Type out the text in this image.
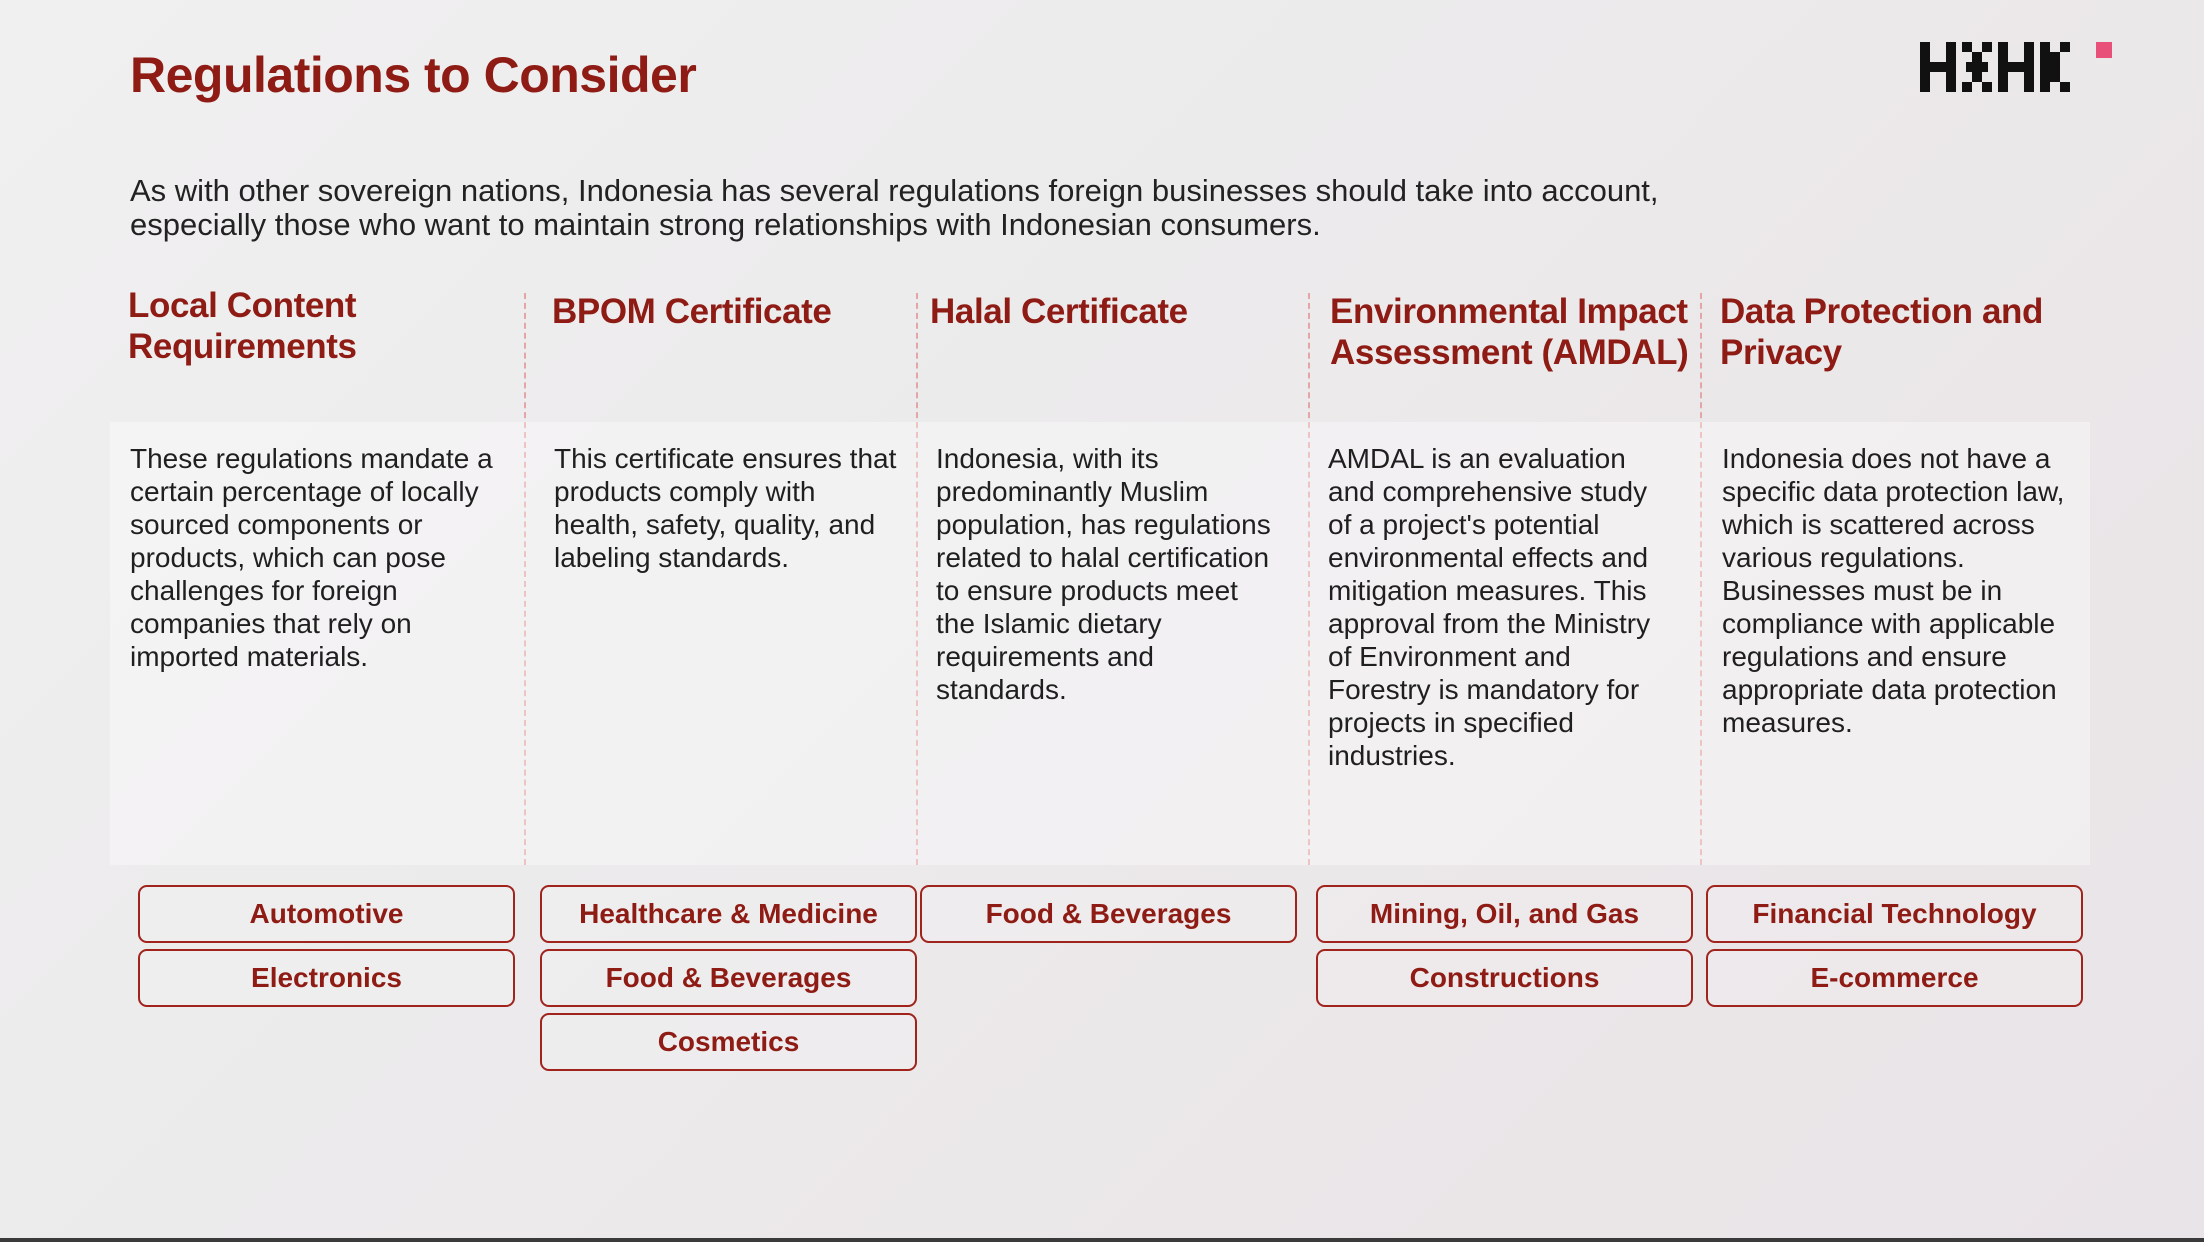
Regulations to Consider

As with other sovereign nations, Indonesia has several regulations foreign businesses should take into account, especially those who want to maintain strong relationships with Indonesian consumers.

Local Content Requirements

These regulations mandate a certain percentage of locally sourced components or products, which can pose challenges for foreign companies that rely on imported materials.

Automotive
Electronics
BPOM Certificate

This certificate ensures that products comply with health, safety, quality, and labeling standards.

Healthcare & Medicine
Food & Beverages
Cosmetics
Halal Certificate

Indonesia, with its predominantly Muslim population, has regulations related to halal certification to ensure products meet the Islamic dietary requirements and standards.

Food & Beverages
Environmental Impact Assessment (AMDAL)

AMDAL is an evaluation and comprehensive study of a project's potential environmental effects and mitigation measures. This approval from the Ministry of Environment and Forestry is mandatory for projects in specified industries.

Mining, Oil, and Gas
Constructions
Data Protection and Privacy

Indonesia does not have a specific data protection law, which is scattered across various regulations. Businesses must be in compliance with applicable regulations and ensure appropriate data protection measures.

Financial Technology
E-commerce
